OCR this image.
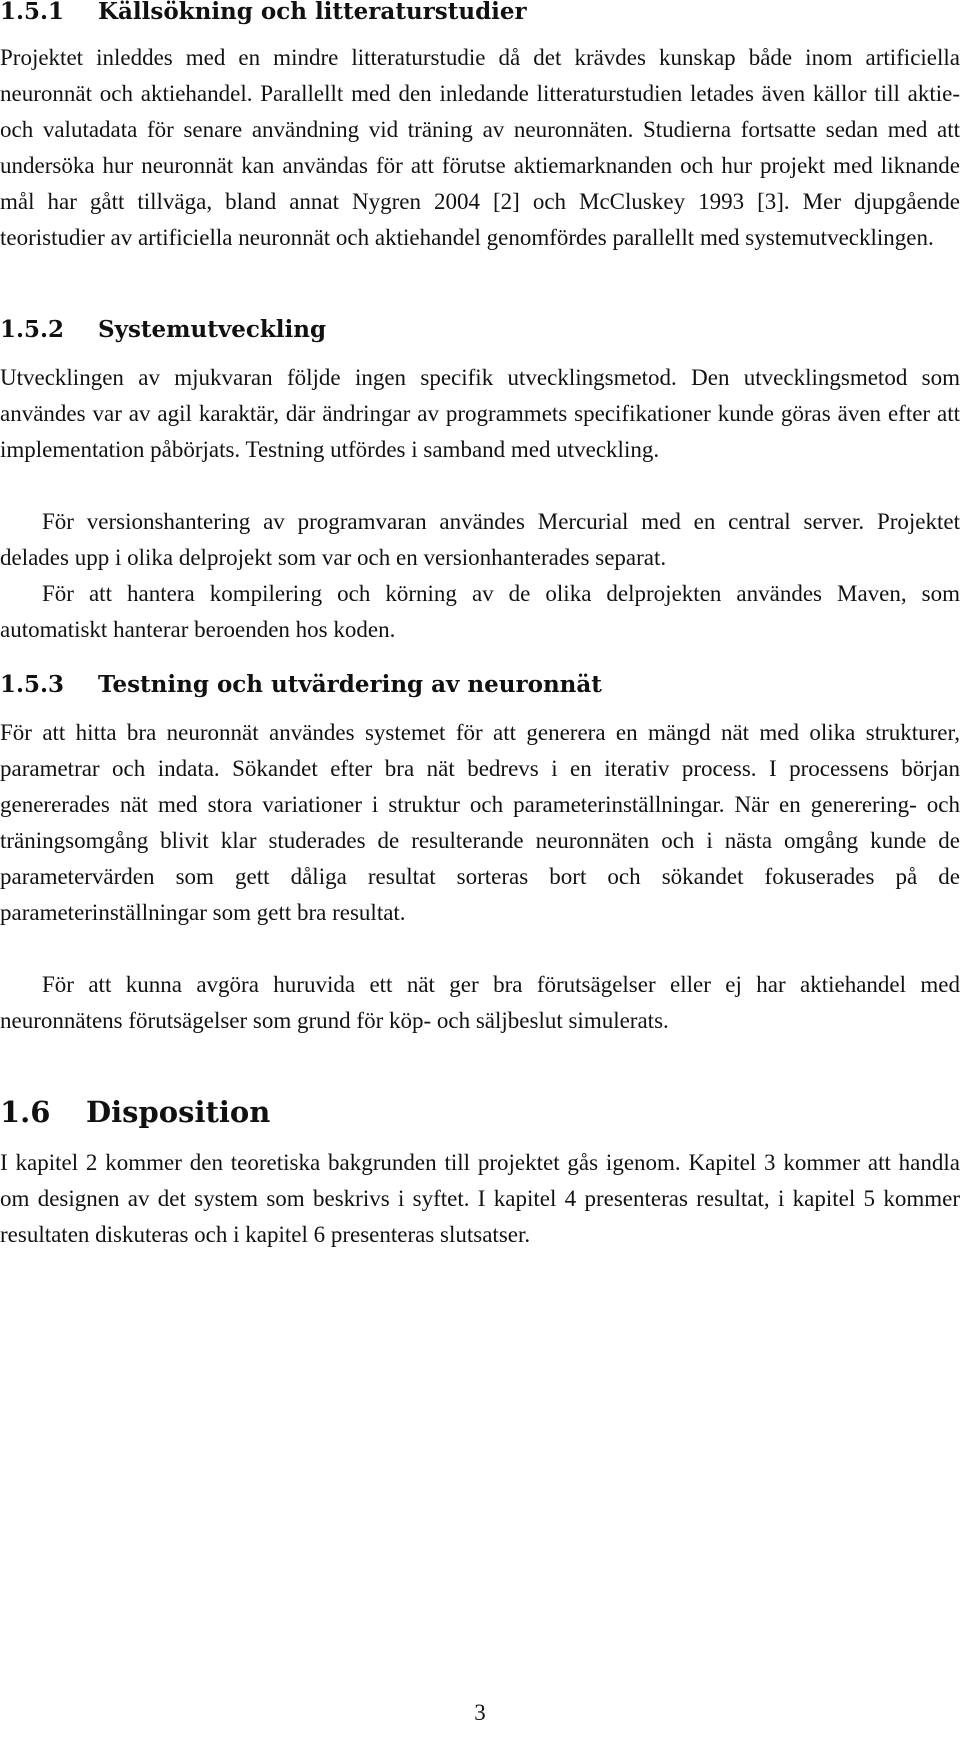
1.5.1 Källsökning och litteraturstudier

Projektet inleddes med en mindre litteraturstudie då det krävdes kunskap både inom artificiella neuronnät och aktiehandel. Parallellt med den inledande litteraturstudien letades även källor till aktie- och valutadata för senare användning vid träning av neuronnäten. Studierna fortsatte sedan med att undersöka hur neuronnät kan användas för att förutse aktiemarknanden och hur projekt med liknande mål har gått tillväga, bland annat Nygren 2004 [2] och McCluskey 1993 [3]. Mer djupgående teoristudier av artificiella neuronnät och aktiehandel genomfördes parallellt med systemutvecklingen.

1.5.2 Systemutveckling

Utvecklingen av mjukvaran följde ingen specifik utvecklingsmetod. Den utvecklingsmetod som användes var av agil karaktär, där ändringar av programmets specifikationer kunde göras även efter att implementation påbörjats. Testning utfördes i samband med utveckling.

För versionshantering av programvaran användes Mercurial med en central server. Projektet delades upp i olika delprojekt som var och en versionhanterades separat.

För att hantera kompilering och körning av de olika delprojekten användes Maven, som automatiskt hanterar beroenden hos koden.

1.5.3 Testning och utvärdering av neuronnät

För att hitta bra neuronnät användes systemet för att generera en mängd nät med olika strukturer, parametrar och indata. Sökandet efter bra nät bedrevs i en iterativ process. I processens början genererades nät med stora variationer i struktur och parameterinställningar. När en generering- och träningsomgång blivit klar studerades de resulterande neuronnäten och i nästa omgång kunde de parametervärden som gett dåliga resultat sorteras bort och sökandet fokuserades på de parameterinställningar som gett bra resultat.

För att kunna avgöra huruvida ett nät ger bra förutsägelser eller ej har aktiehandel med neuronnätens förutsägelser som grund för köp- och säljbeslut simulerats.

1.6 Disposition

I kapitel 2 kommer den teoretiska bakgrunden till projektet gås igenom. Kapitel 3 kommer att handla om designen av det system som beskrivs i syftet. I kapitel 4 presenteras resultat, i kapitel 5 kommer resultaten diskuteras och i kapitel 6 presenteras slutsatser.

3
